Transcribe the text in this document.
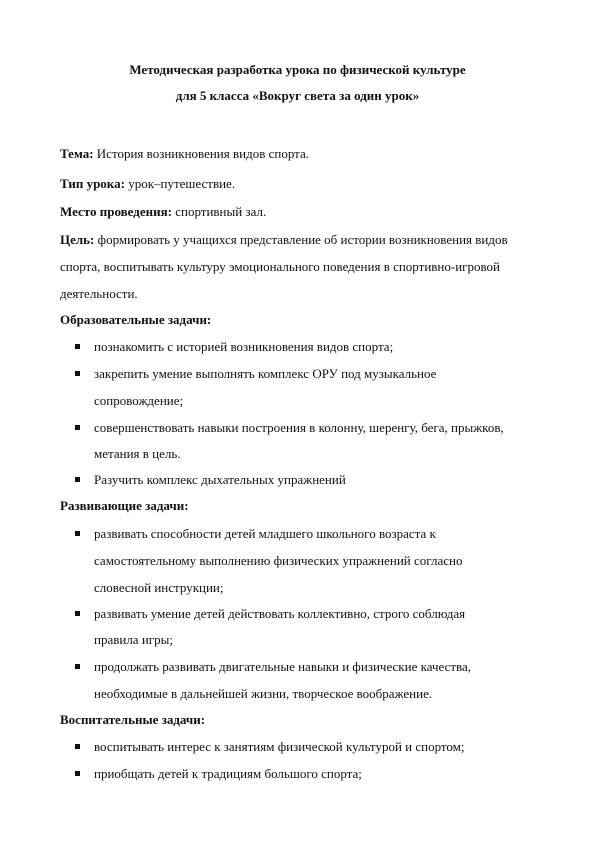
Методическая разработка урока по физической культуре
для 5 класса «Вокруг света за один урок»
Тема: История возникновения видов спорта.
Тип урока: урок–путешествие.
Место проведения: спортивный зал.
Цель: формировать у учащихся представление об истории возникновения видов
спорта, воспитывать культуру эмоционального поведения в спортивно-игровой
деятельности.
Образовательные задачи:
познакомить с историей возникновения видов спорта;
закрепить умение выполнять комплекс ОРУ под музыкальное
сопровождение;
совершенствовать навыки построения в колонну, шеренгу, бега, прыжков,
метания в цель.
Разучить комплекс дыхательных упражнений
Развивающие задачи:
развивать способности детей младшего школьного возраста к
самостоятельному выполнению физических упражнений согласно
словесной инструкции;
развивать умение детей действовать коллективно, строго соблюдая
правила игры;
продолжать развивать двигательные навыки и физические качества,
необходимые в дальнейшей жизни, творческое воображение.
Воспитательные задачи:
воспитывать интерес к занятиям физической культурой и спортом;
приобщать детей к традициям большого спорта;
